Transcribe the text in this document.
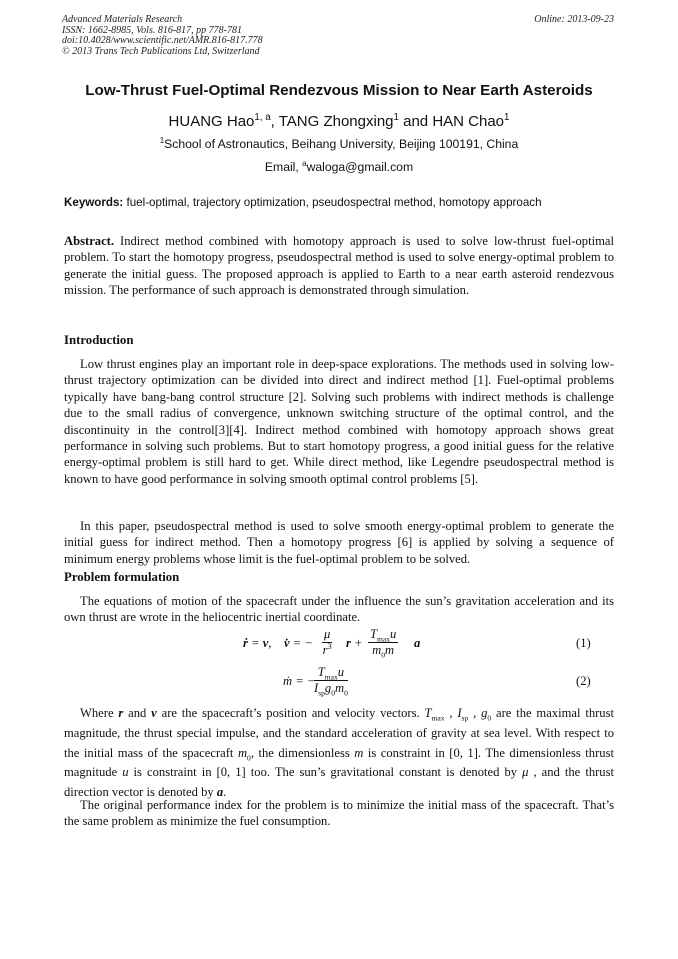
Advanced Materials Research
ISSN: 1662-8985, Vols. 816-817, pp 778-781
doi:10.4028/www.scientific.net/AMR.816-817.778
© 2013 Trans Tech Publications Ltd, Switzerland
Online: 2013-09-23
Low-Thrust Fuel-Optimal Rendezvous Mission to Near Earth Asteroids
HUANG Hao$^{1, a}$, TANG Zhongxing$^1$ and HAN Chao$^1$
$^1$School of Astronautics, Beihang University, Beijing 100191, China
Email, $^a$waloga@gmail.com
Keywords: fuel-optimal, trajectory optimization, pseudospectral method, homotopy approach
Abstract. Indirect method combined with homotopy approach is used to solve low-thrust fuel-optimal problem. To start the homotopy progress, pseudospectral method is used to solve energy-optimal problem to generate the initial guess. The proposed approach is applied to Earth to a near earth asteroid rendezvous mission. The performance of such approach is demonstrated through simulation.
Introduction
Low thrust engines play an important role in deep-space explorations. The methods used in solving low-thrust trajectory optimization can be divided into direct and indirect method [1]. Fuel-optimal problems typically have bang-bang control structure [2]. Solving such problems with indirect methods is challenge due to the small radius of convergence, unknown switching structure of the optimal control, and the discontinuity in the control[3][4]. Indirect method combined with homotopy approach shows great performance in solving such problems. But to start homotopy progress, a good initial guess for the relative energy-optimal problem is still hard to get. While direct method, like Legendre pseudospectral method is known to have good performance in solving smooth optimal control problems [5].
In this paper, pseudospectral method is used to solve smooth energy-optimal problem to generate the initial guess for indirect method. Then a homotopy progress [6] is applied by solving a sequence of minimum energy problems whose limit is the fuel-optimal problem to be solved.
Problem formulation
The equations of motion of the spacecraft under the influence the sun’s gravitation acceleration and its own thrust are wrote in the heliocentric inertial coordinate.
ṙ = v,    v̇ = − $\frac{\mu}{r^3}$ r +
$T_{max}u$
$m_0m$	a	(1)
ṁ = −
$T_{max}u$
$I_{sp}g_0m_0$
(2)
Where r and v are the spacecraft’s position and velocity vectors. $T_{max}$ , $I_{sp}$ , $g_0$ are the maximal thrust magnitude, the thrust special impulse, and the standard acceleration of gravity at sea level. With respect to the initial mass of the spacecraft $m_0$, the dimensionless m is constraint in [0, 1]. The dimensionless thrust magnitude u is constraint in [0, 1] too. The sun’s gravitational constant is denoted by μ , and the thrust direction vector is denoted by a.
The original performance index for the problem is to minimize the initial mass of the spacecraft. That’s the same problem as minimize the fuel consumption.
